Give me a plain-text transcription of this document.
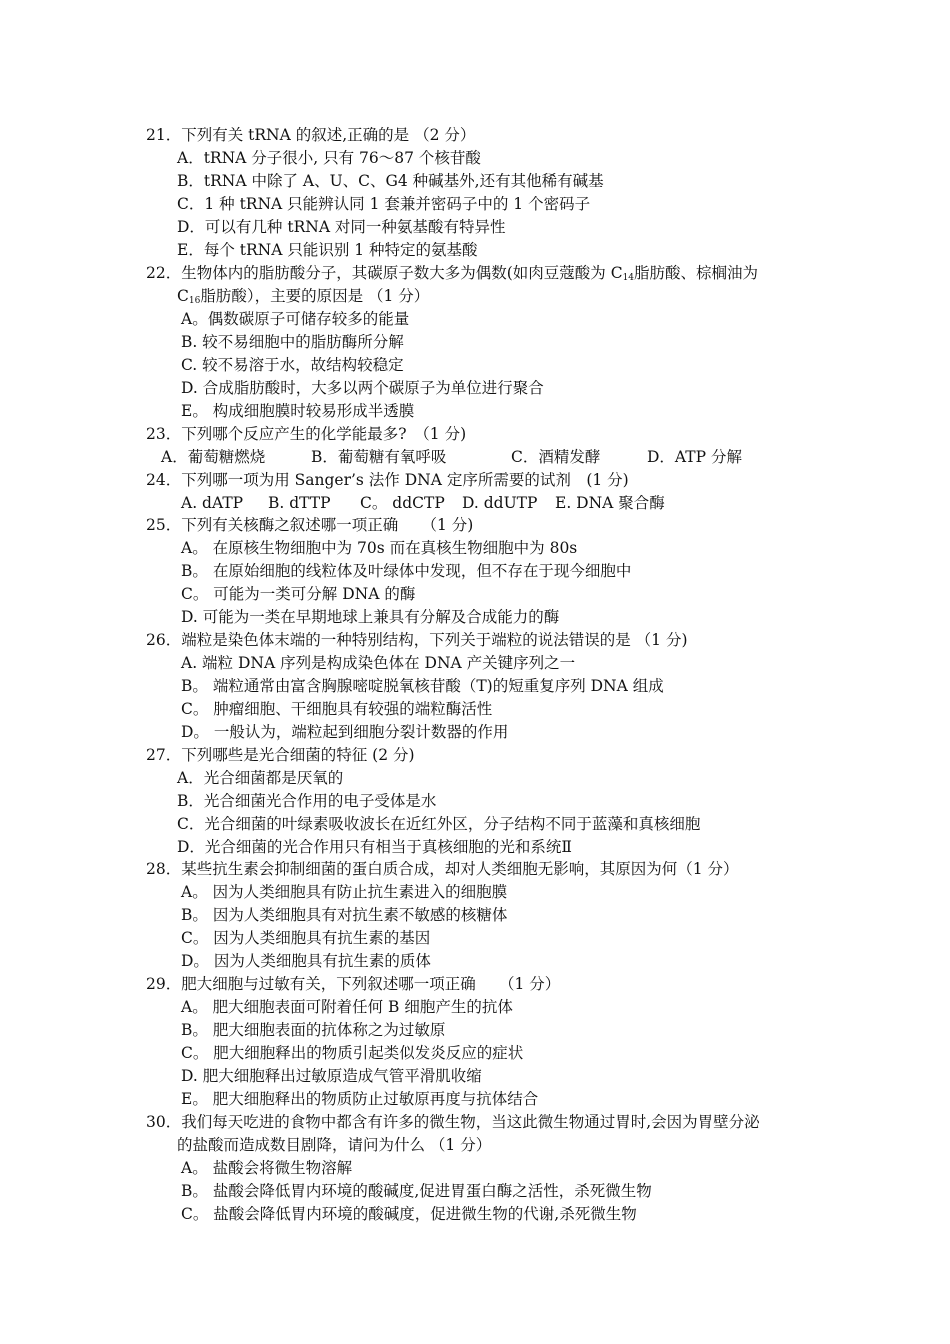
21．下列有关 tRNA 的叙述,正确的是 （2 分）
A．tRNA 分子很小, 只有 76～87 个核苷酸
B．tRNA 中除了 A、U、C、G4 种碱基外,还有其他稀有碱基
C．1 种 tRNA 只能辨认同 1 套兼并密码子中的 1 个密码子
D．可以有几种 tRNA 对同一种氨基酸有特异性
E．每个 tRNA 只能识别 1 种特定的氨基酸
22．生物体内的脂肪酸分子，其碳原子数大多为偶数(如肉豆蔻酸为 $C_{14}$脂肪酸、棕榈油为
$C_{16}$脂肪酸），主要的原因是 （1 分）
A。偶数碳原子可储存较多的能量
B. 较不易细胞中的脂肪酶所分解
C. 较不易溶于水，故结构较稳定
D. 合成脂肪酸时，大多以两个碳原子为单位进行聚合
E。 构成细胞膜时较易形成半透膜
23．下列哪个反应产生的化学能最多?　（1 分)
A．葡萄糖燃烧	B．葡萄糖有氧呼吸	C．酒精发酵	D．ATP 分解
24．下列哪一项为用 Sanger’s 法作 DNA 定序所需要的试剂　(1 分)
A. dATP B. dTTP C。 ddCTP D. ddUTP E. DNA 聚合酶
25．下列有关核酶之叙述哪一项正确　　（1 分)
A。 在原核生物细胞中为 70s 而在真核生物细胞中为 80s
B。 在原始细胞的线粒体及叶绿体中发现，但不存在于现今细胞中
C。 可能为一类可分解 DNA 的酶
D. 可能为一类在早期地球上兼具有分解及合成能力的酶
26．端粒是染色体末端的一种特别结构，下列关于端粒的说法错误的是 （1 分)
A. 端粒 DNA 序列是构成染色体在 DNA 产关键序列之一
B。 端粒通常由富含胸腺嘧啶脱氧核苷酸（T)的短重复序列 DNA 组成
C。 肿瘤细胞、干细胞具有较强的端粒酶活性
D。 一般认为，端粒起到细胞分裂计数器的作用
27．下列哪些是光合细菌的特征 (2 分)
A．光合细菌都是厌氧的
B．光合细菌光合作用的电子受体是水
C．光合细菌的叶绿素吸收波长在近红外区，分子结构不同于蓝藻和真核细胞
D．光合细菌的光合作用只有相当于真核细胞的光和系统Ⅱ
28．某些抗生素会抑制细菌的蛋白质合成，却对人类细胞无影响，其原因为何（1 分）
A。 因为人类细胞具有防止抗生素进入的细胞膜
B。 因为人类细胞具有对抗生素不敏感的核糖体
C。 因为人类细胞具有抗生素的基因
D。 因为人类细胞具有抗生素的质体
29．肥大细胞与过敏有关，下列叙述哪一项正确　　（1 分）
A。 肥大细胞表面可附着任何 B 细胞产生的抗体
B。 肥大细胞表面的抗体称之为过敏原
C。 肥大细胞释出的物质引起类似发炎反应的症状
D. 肥大细胞释出过敏原造成气管平滑肌收缩
E。 肥大细胞释出的物质防止过敏原再度与抗体结合
30．我们每天吃进的食物中都含有许多的微生物，当这此微生物通过胃时,会因为胃壁分泌
的盐酸而造成数目剧降，请问为什么 （1 分）
A。 盐酸会将微生物溶解
B。 盐酸会降低胃内环境的酸碱度,促进胃蛋白酶之活性，杀死微生物
C。 盐酸会降低胃内环境的酸碱度，促进微生物的代谢,杀死微生物
